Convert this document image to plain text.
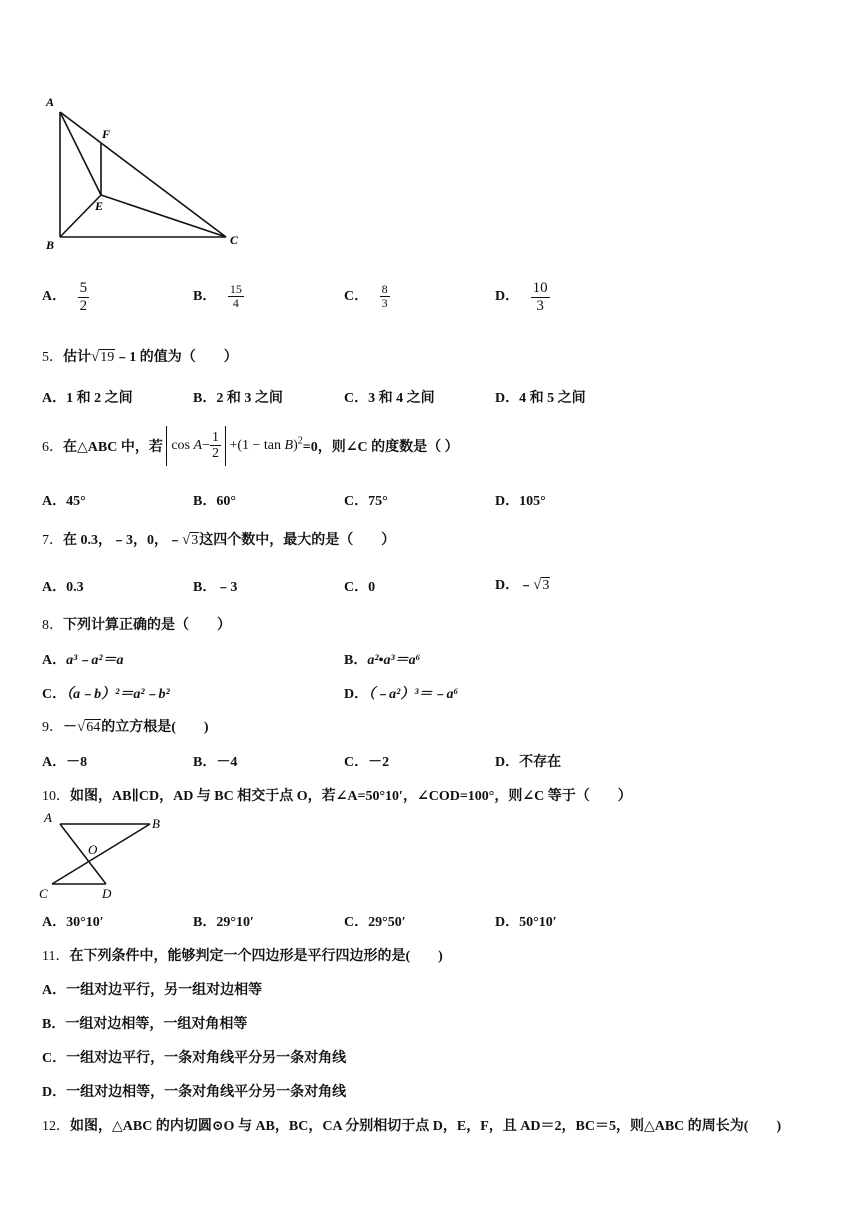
A
B	C
E
F
A． $\frac{5}{2}$	B． $\frac{15}{4}$	C． $\frac{8}{3}$	D． $\frac{10}{3}$
5．估计√19﹣1 的值为（　　）
A．1 和 2 之间	B．2 和 3 之间	C．3 和 4 之间	D．4 和 5 之间
6．在△ABC 中，若 $\cos A- \frac{1}{2} +(1 - \tan B)^2=0$，则∠C 的度数是（ ）
A．45°	B．60°	C．75°	D．105°
7．在 0.3，﹣3，0，﹣√3这四个数中，最大的是（　　）
A．0.3	B．﹣3	C．0	D．﹣√3
8．下列计算正确的是（　　）
A．a³﹣a²＝a	B．a²•a³＝a⁶
C．（a﹣b）²＝a²﹣b²	D．（﹣a²）³＝﹣a⁶
9．－√64的立方根是(　　)
A．－8	B．－4	C．－2	D．不存在
10．如图，AB∥CD，AD 与 BC 相交于点 O，若∠A=50°10′，∠COD=100°，则∠C 等于（　　）
A	B
O
C	D
A．30°10′	B．29°10′	C．29°50′	D．50°10′
11．在下列条件中，能够判定一个四边形是平行四边形的是(　　)
A．一组对边平行，另一组对边相等
B．一组对边相等，一组对角相等
C．一组对边平行，一条对角线平分另一条对角线
D．一组对边相等，一条对角线平分另一条对角线
12．如图，△ABC 的内切圆⊙O 与 AB，BC，CA 分别相切于点 D，E，F，且 AD＝2，BC＝5，则△ABC 的周长为(　　)
